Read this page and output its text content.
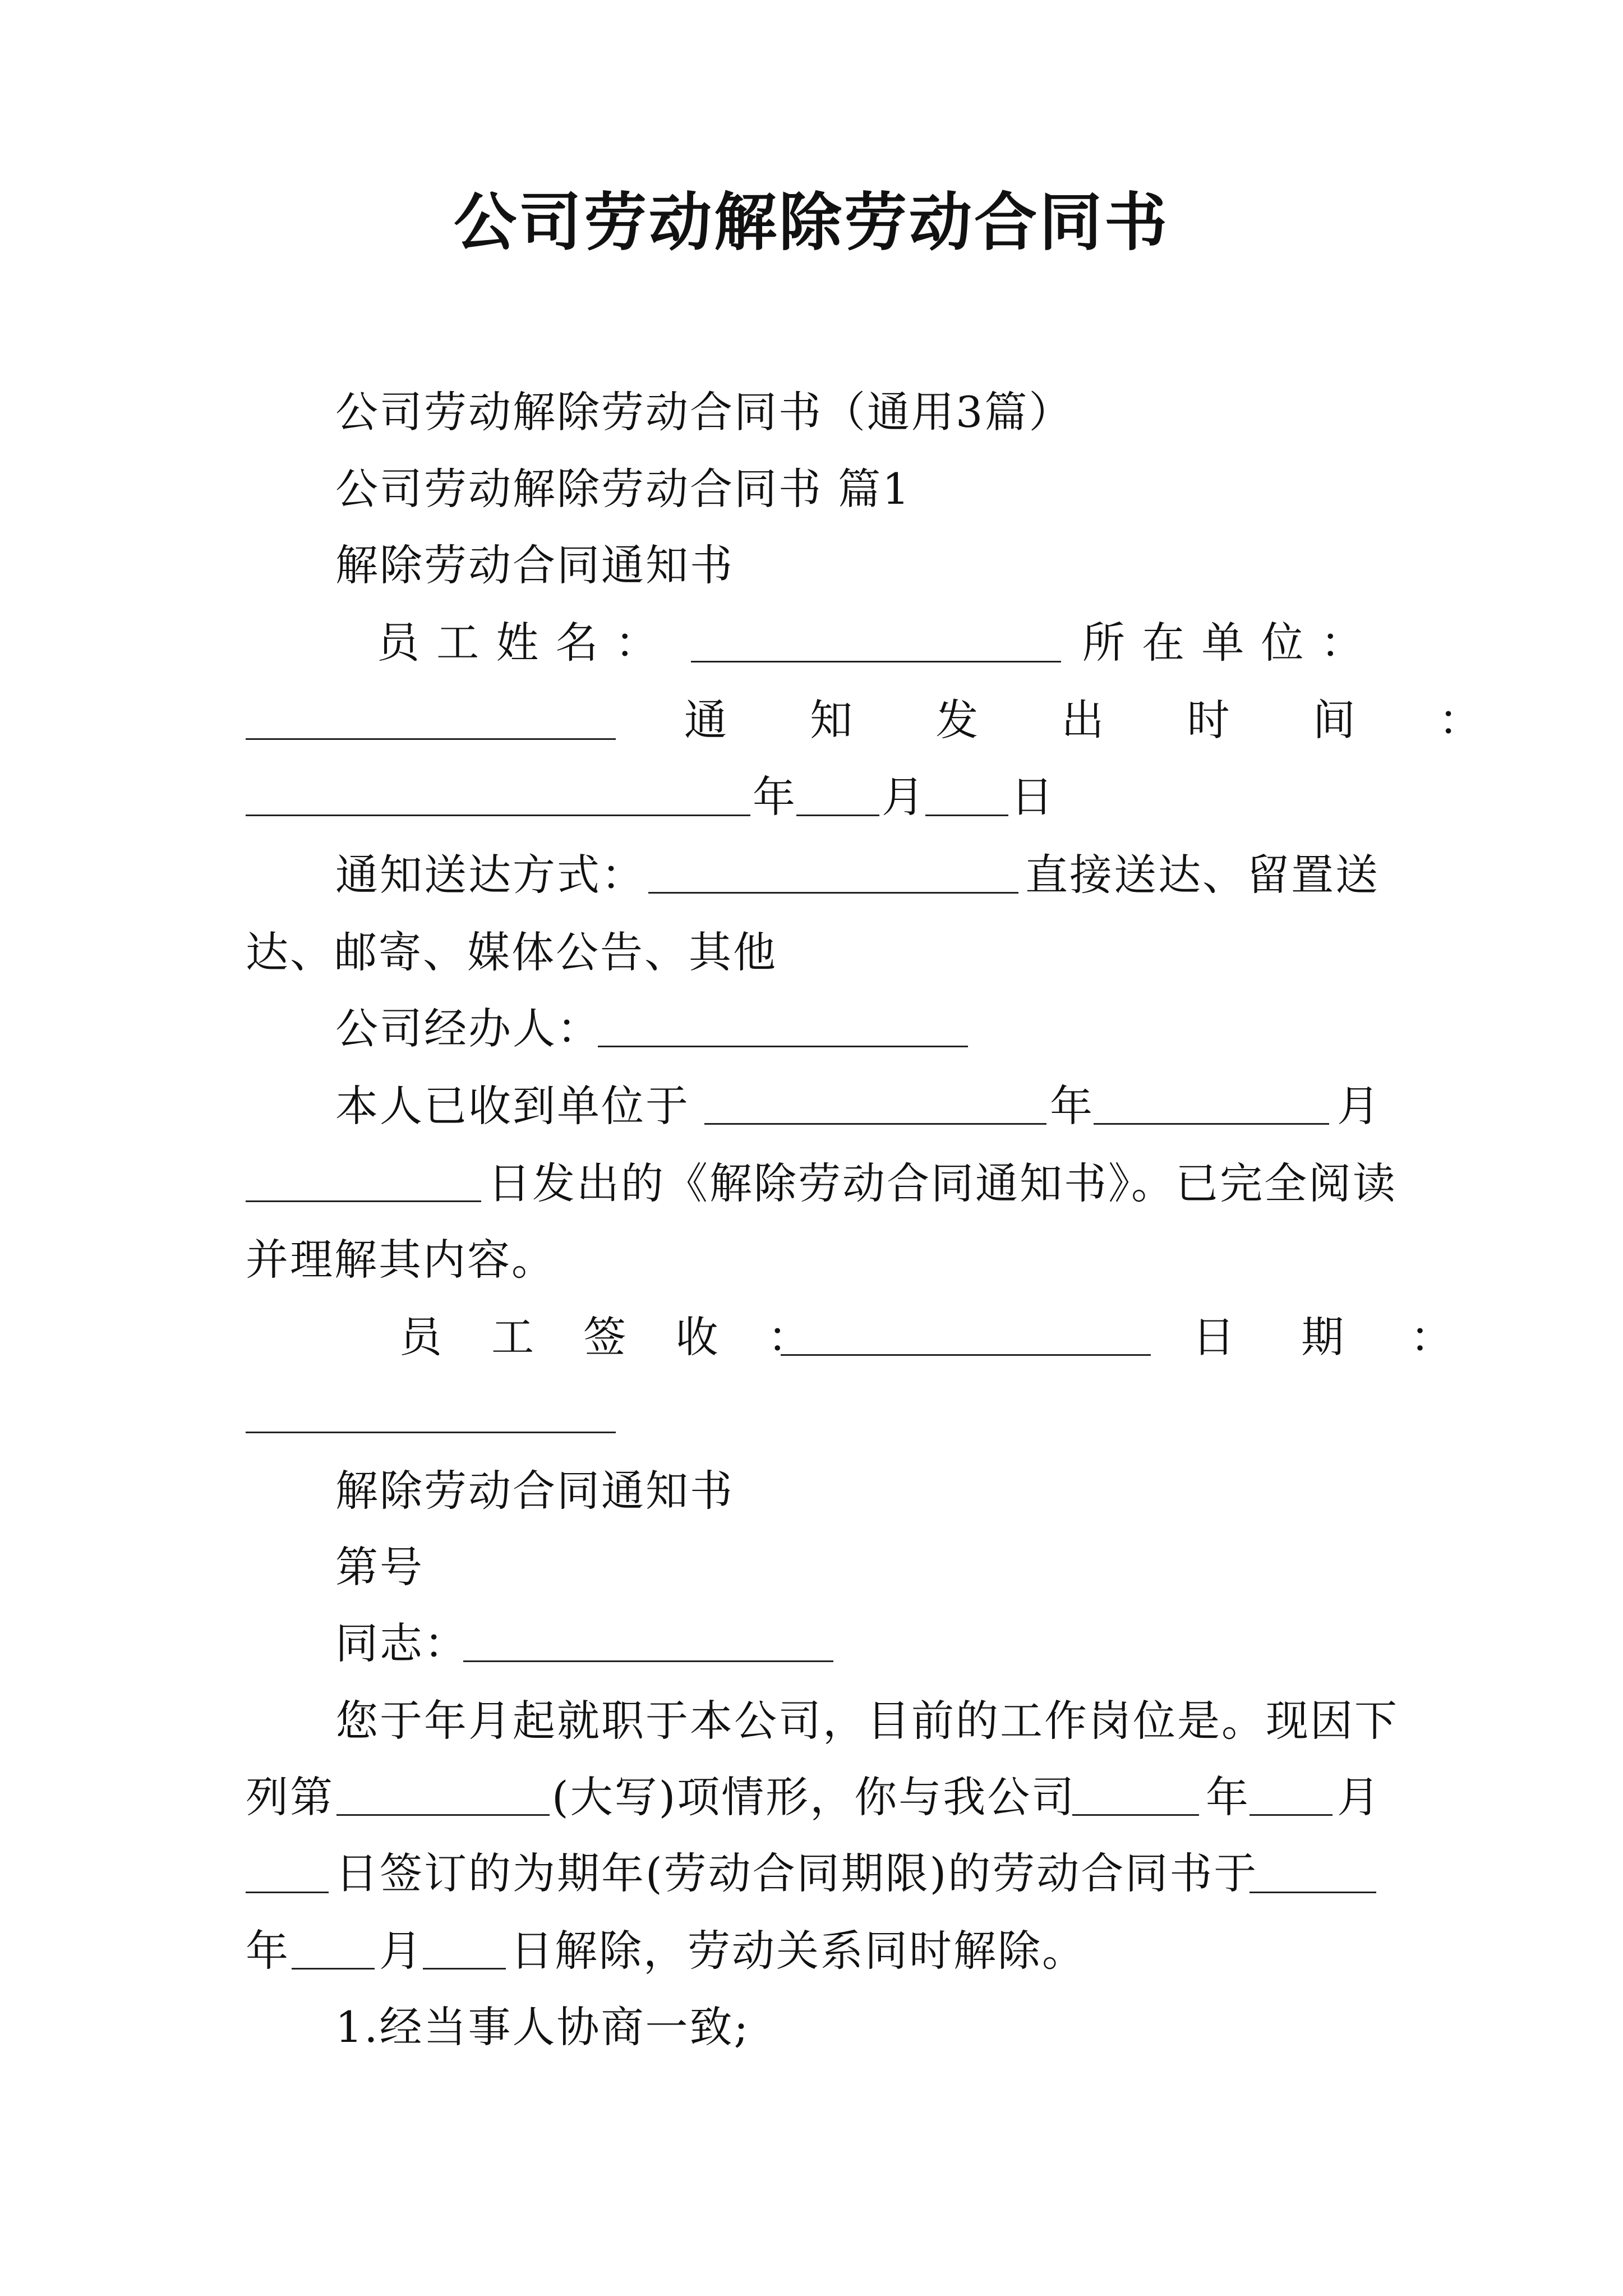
公司劳动解除劳动合同书
公司劳动解除劳动合同书（通用3篇）
公司劳动解除劳动合同书 篇1
解除劳动合同通知书
员 工 姓 名 ：	所 在 单 位 ：
通 知 发 出 时 间 ：
年 月 日
通知送达方式：	直接送达、留置送
达、邮寄、媒体公告、其他
公司经办人：
本人已收到单位于	年	月
日发出的《解除劳动合同通知书》。已完全阅读
并理解其内容。
员 工 签 收 ：	日 期 ：
解除劳动合同通知书
第号
同志：
您于年月起就职于本公司，目前的工作岗位是。现因下
列第	(大写)项情形，你与我公司	年 月
日签订的为期年(劳动合同期限)的劳动合同书于
年 月 日解除，劳动关系同时解除。
1.经当事人协商一致;
